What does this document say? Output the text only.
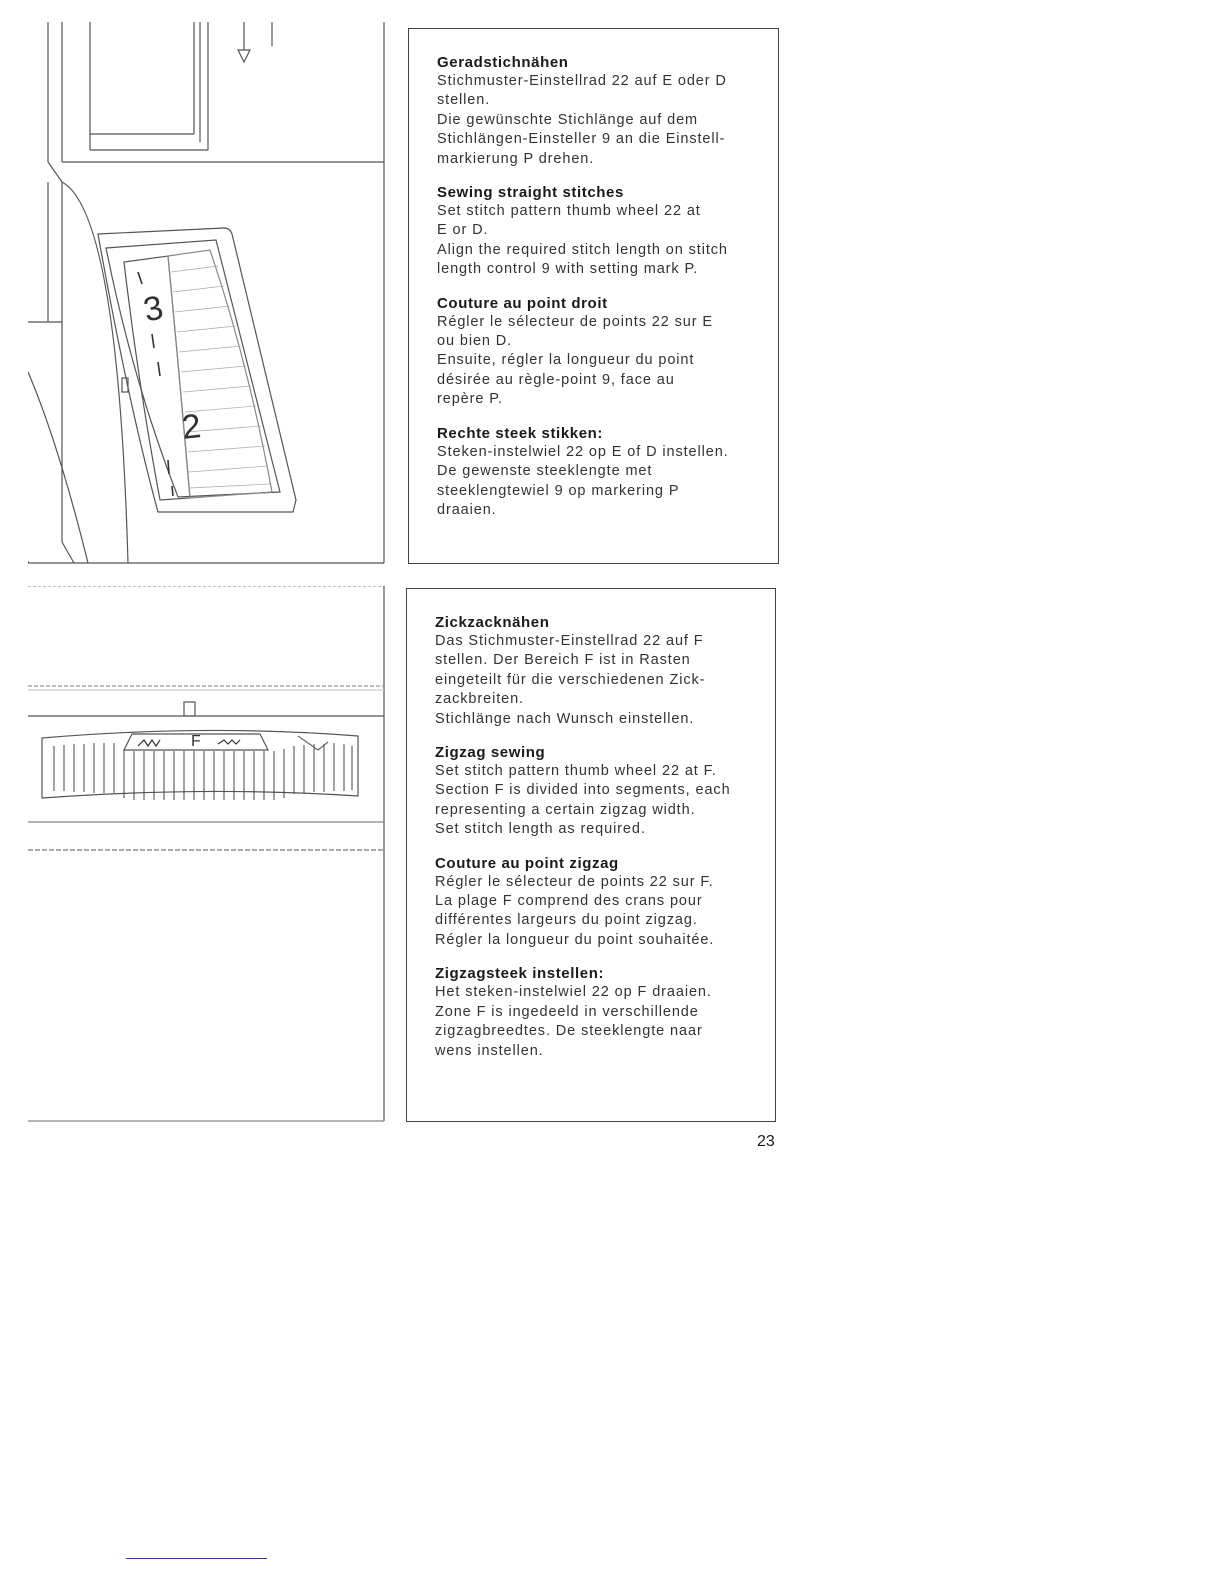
3
2

Geradstichnähen

Stichmuster-Einstellrad 22 auf E oder D

stellen.

Die gewünschte Stichlänge auf dem

Stichlängen-Einsteller 9 an die Einstell-

markierung P drehen.

Sewing straight stitches

Set stitch pattern thumb wheel 22 at

E or D.

Align the required stitch length on stitch

length control 9 with setting mark P.

Couture au point droit

Régler le sélecteur de points 22 sur E

ou bien D.

Ensuite, régler la longueur du point

désirée au règle-point 9, face au

repère P.

Rechte steek stikken:

Steken-instelwiel 22 op E of D instellen.

De gewenste steeklengte met

steeklengtewiel 9 op markering P

draaien.

F

Zickzacknähen

Das Stichmuster-Einstellrad 22 auf F

stellen. Der Bereich F ist in Rasten

eingeteilt für die verschiedenen Zick-

zackbreiten.

Stichlänge nach Wunsch einstellen.

Zigzag sewing

Set stitch pattern thumb wheel 22 at F.

Section F is divided into segments, each

representing a certain zigzag width.

Set stitch length as required.

Couture au point zigzag

Régler le sélecteur de points 22 sur F.

La plage F comprend des crans pour

différentes largeurs du point zigzag.

Régler la longueur du point souhaitée.

Zigzagsteek instellen:

Het steken-instelwiel 22 op F draaien.

Zone F is ingedeeld in verschillende

zigzagbreedtes. De steeklengte naar

wens instellen.

23
